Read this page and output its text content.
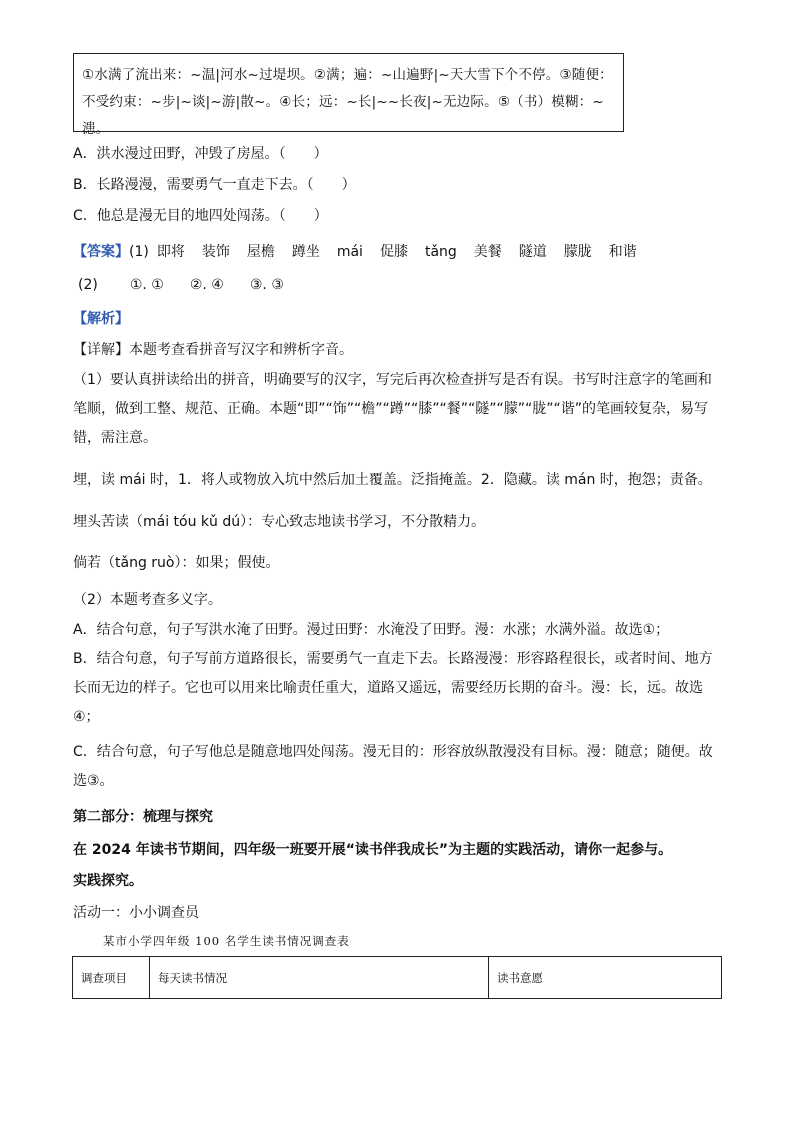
①水满了流出来：~温|河水~过堤坝。②满；遍：~山遍野|~天大雪下个不停。③随便：
不受约束：~步|~谈|~游|散~。④长；远：~长|~~长夜|~无边际。⑤（书）模糊：~漶。
A．洪水漫过田野，冲毁了房屋。（　　）
B．长路漫漫，需要勇气一直走下去。（　　）
C．他总是漫无目的地四处闯荡。（　　）
【答案】(1) 即将 装饰 屋檐 蹲坐 mái 促膝 tǎng 美餐 隧道 朦胧 和谐
(2) ①. ① ②. ④ ③. ③
【解析】
【详解】本题考查看拼音写汉字和辨析字音。
（1）要认真拼读给出的拼音，明确要写的汉字，写完后再次检查拼写是否有误。书写时注意字的笔画和笔顺，做到工整、规范、正确。本题“即”“饰”“檐”“蹲”“膝”“餐”“隧”“朦”“胧”“谐”的笔画较复杂，易写错，需注意。
埋，读 mái 时，1．将人或物放入坑中然后加土覆盖。泛指掩盖。2．隐藏。读 mán 时，抱怨；责备。
埋头苦读（mái tóu kǔ dú）：专心致志地读书学习，不分散精力。
倘若（tǎng ruò）：如果；假使。
（2）本题考查多义字。
A．结合句意，句子写洪水淹了田野。漫过田野：水淹没了田野。漫：水涨；水满外溢。故选①；
B．结合句意，句子写前方道路很长，需要勇气一直走下去。长路漫漫：形容路程很长，或者时间、地方长而无边的样子。它也可以用来比喻责任重大，道路又遥远，需要经历长期的奋斗。漫：长，远。故选④；
C．结合句意，句子写他总是随意地四处闯荡。漫无目的：形容放纵散漫没有目标。漫：随意；随便。故选③。
第二部分：梳理与探究
在 2024 年读书节期间，四年级一班要开展“读书伴我成长”为主题的实践活动，请你一起参与。
实践探究。
活动一：小小调查员
某市小学四年级 100 名学生读书情况调查表
调查项目	每天读书情况	读书意愿
